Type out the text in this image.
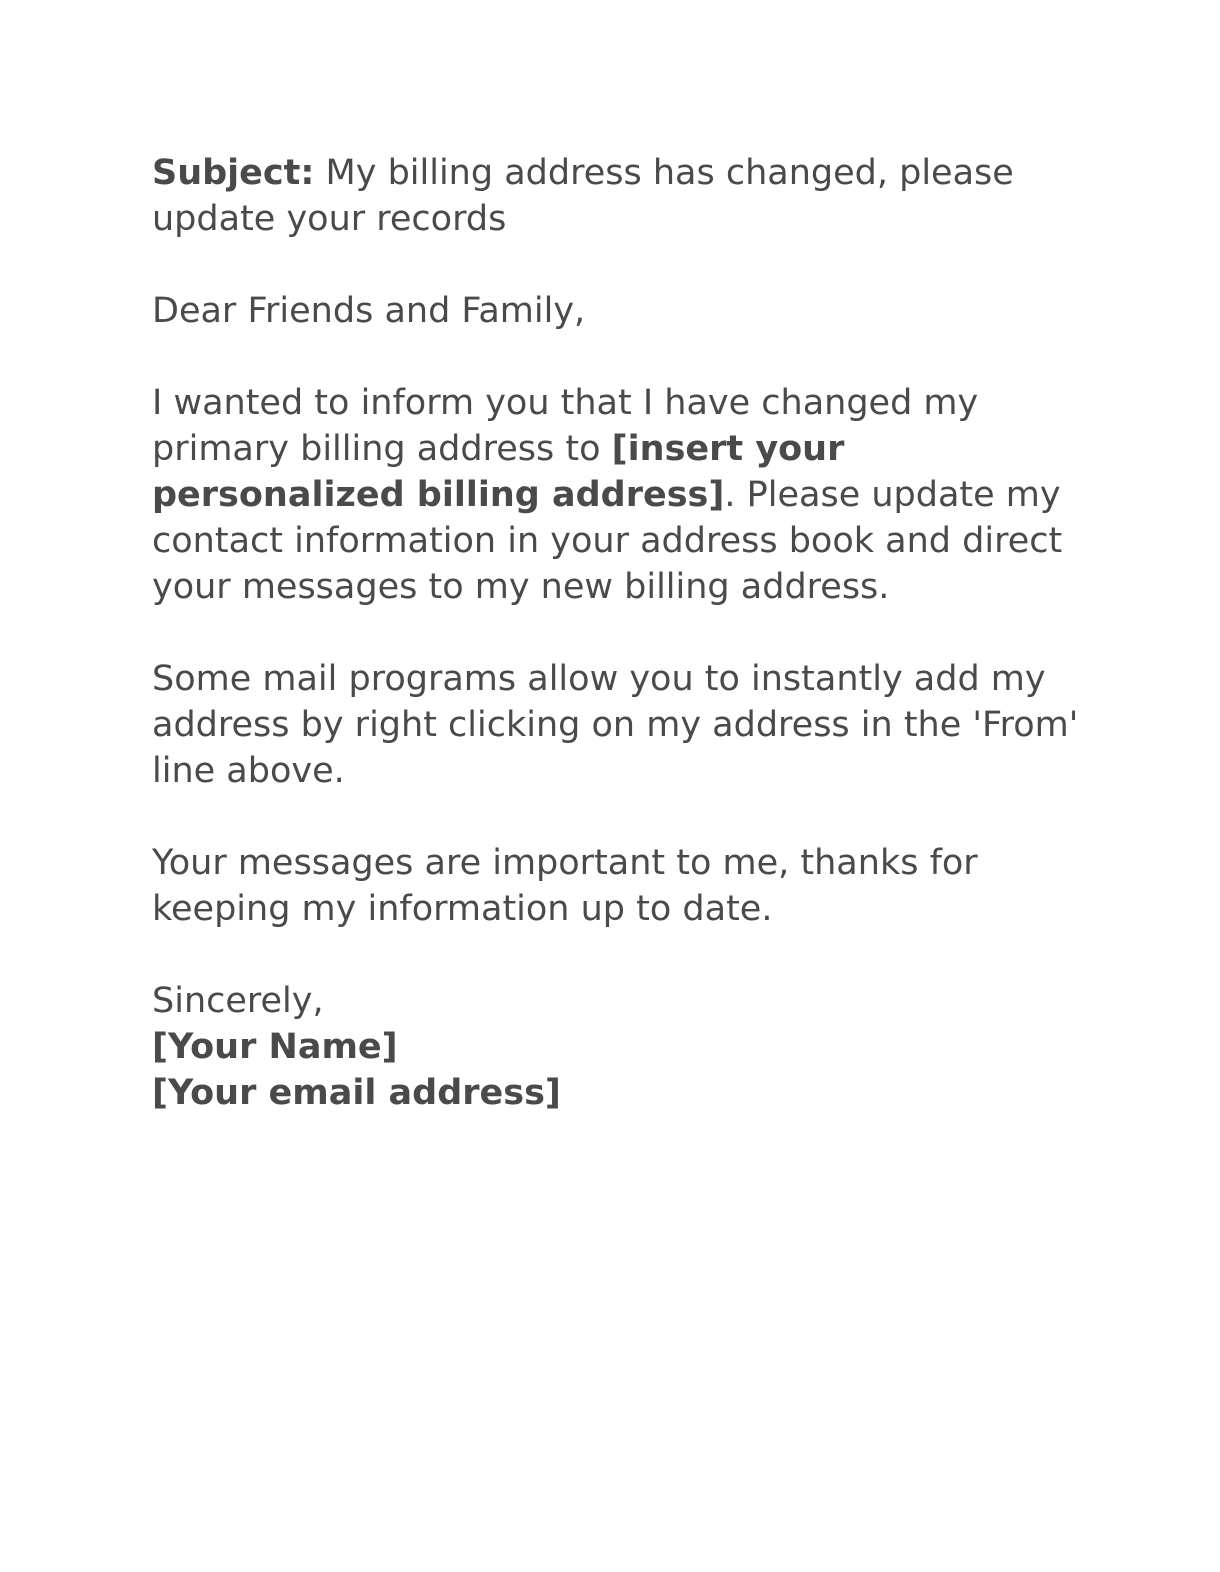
Subject: My billing address has changed, please update your records

Dear Friends and Family,

I wanted to inform you that I have changed my primary billing address to [insert your personalized billing address]. Please update my contact information in your address book and direct your messages to my new billing address.

Some mail programs allow you to instantly add my address by right clicking on my address in the 'From' line above.

Your messages are important to me, thanks for keeping my information up to date.

Sincerely,

[Your Name]

[Your email address]
